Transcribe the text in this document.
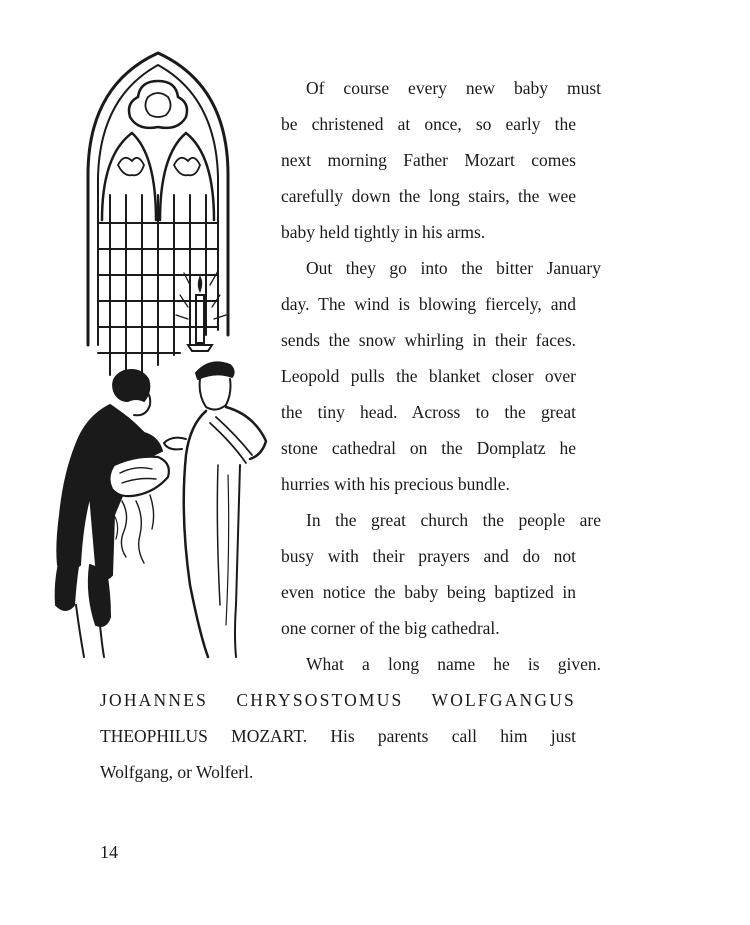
Of course every new baby must
be christened at once, so early the
next morning Father Mozart comes
carefully down the long stairs, the wee
baby held tightly in his arms.
Out they go into the bitter January
day. The wind is blowing fiercely, and
sends the snow whirling in their faces.
Leopold pulls the blanket closer over
the tiny head. Across to the great
stone cathedral on the Domplatz he
hurries with his precious bundle.
In the great church the people are
busy with their prayers and do not
even notice the baby being baptized in
one corner of the big cathedral.
What a long name he is given.
JOHANNES CHRYSOSTOMUS WOLFGANGUS
THEOPHILUS MOZART. His parents call him just
Wolfgang, or Wolferl.
14
